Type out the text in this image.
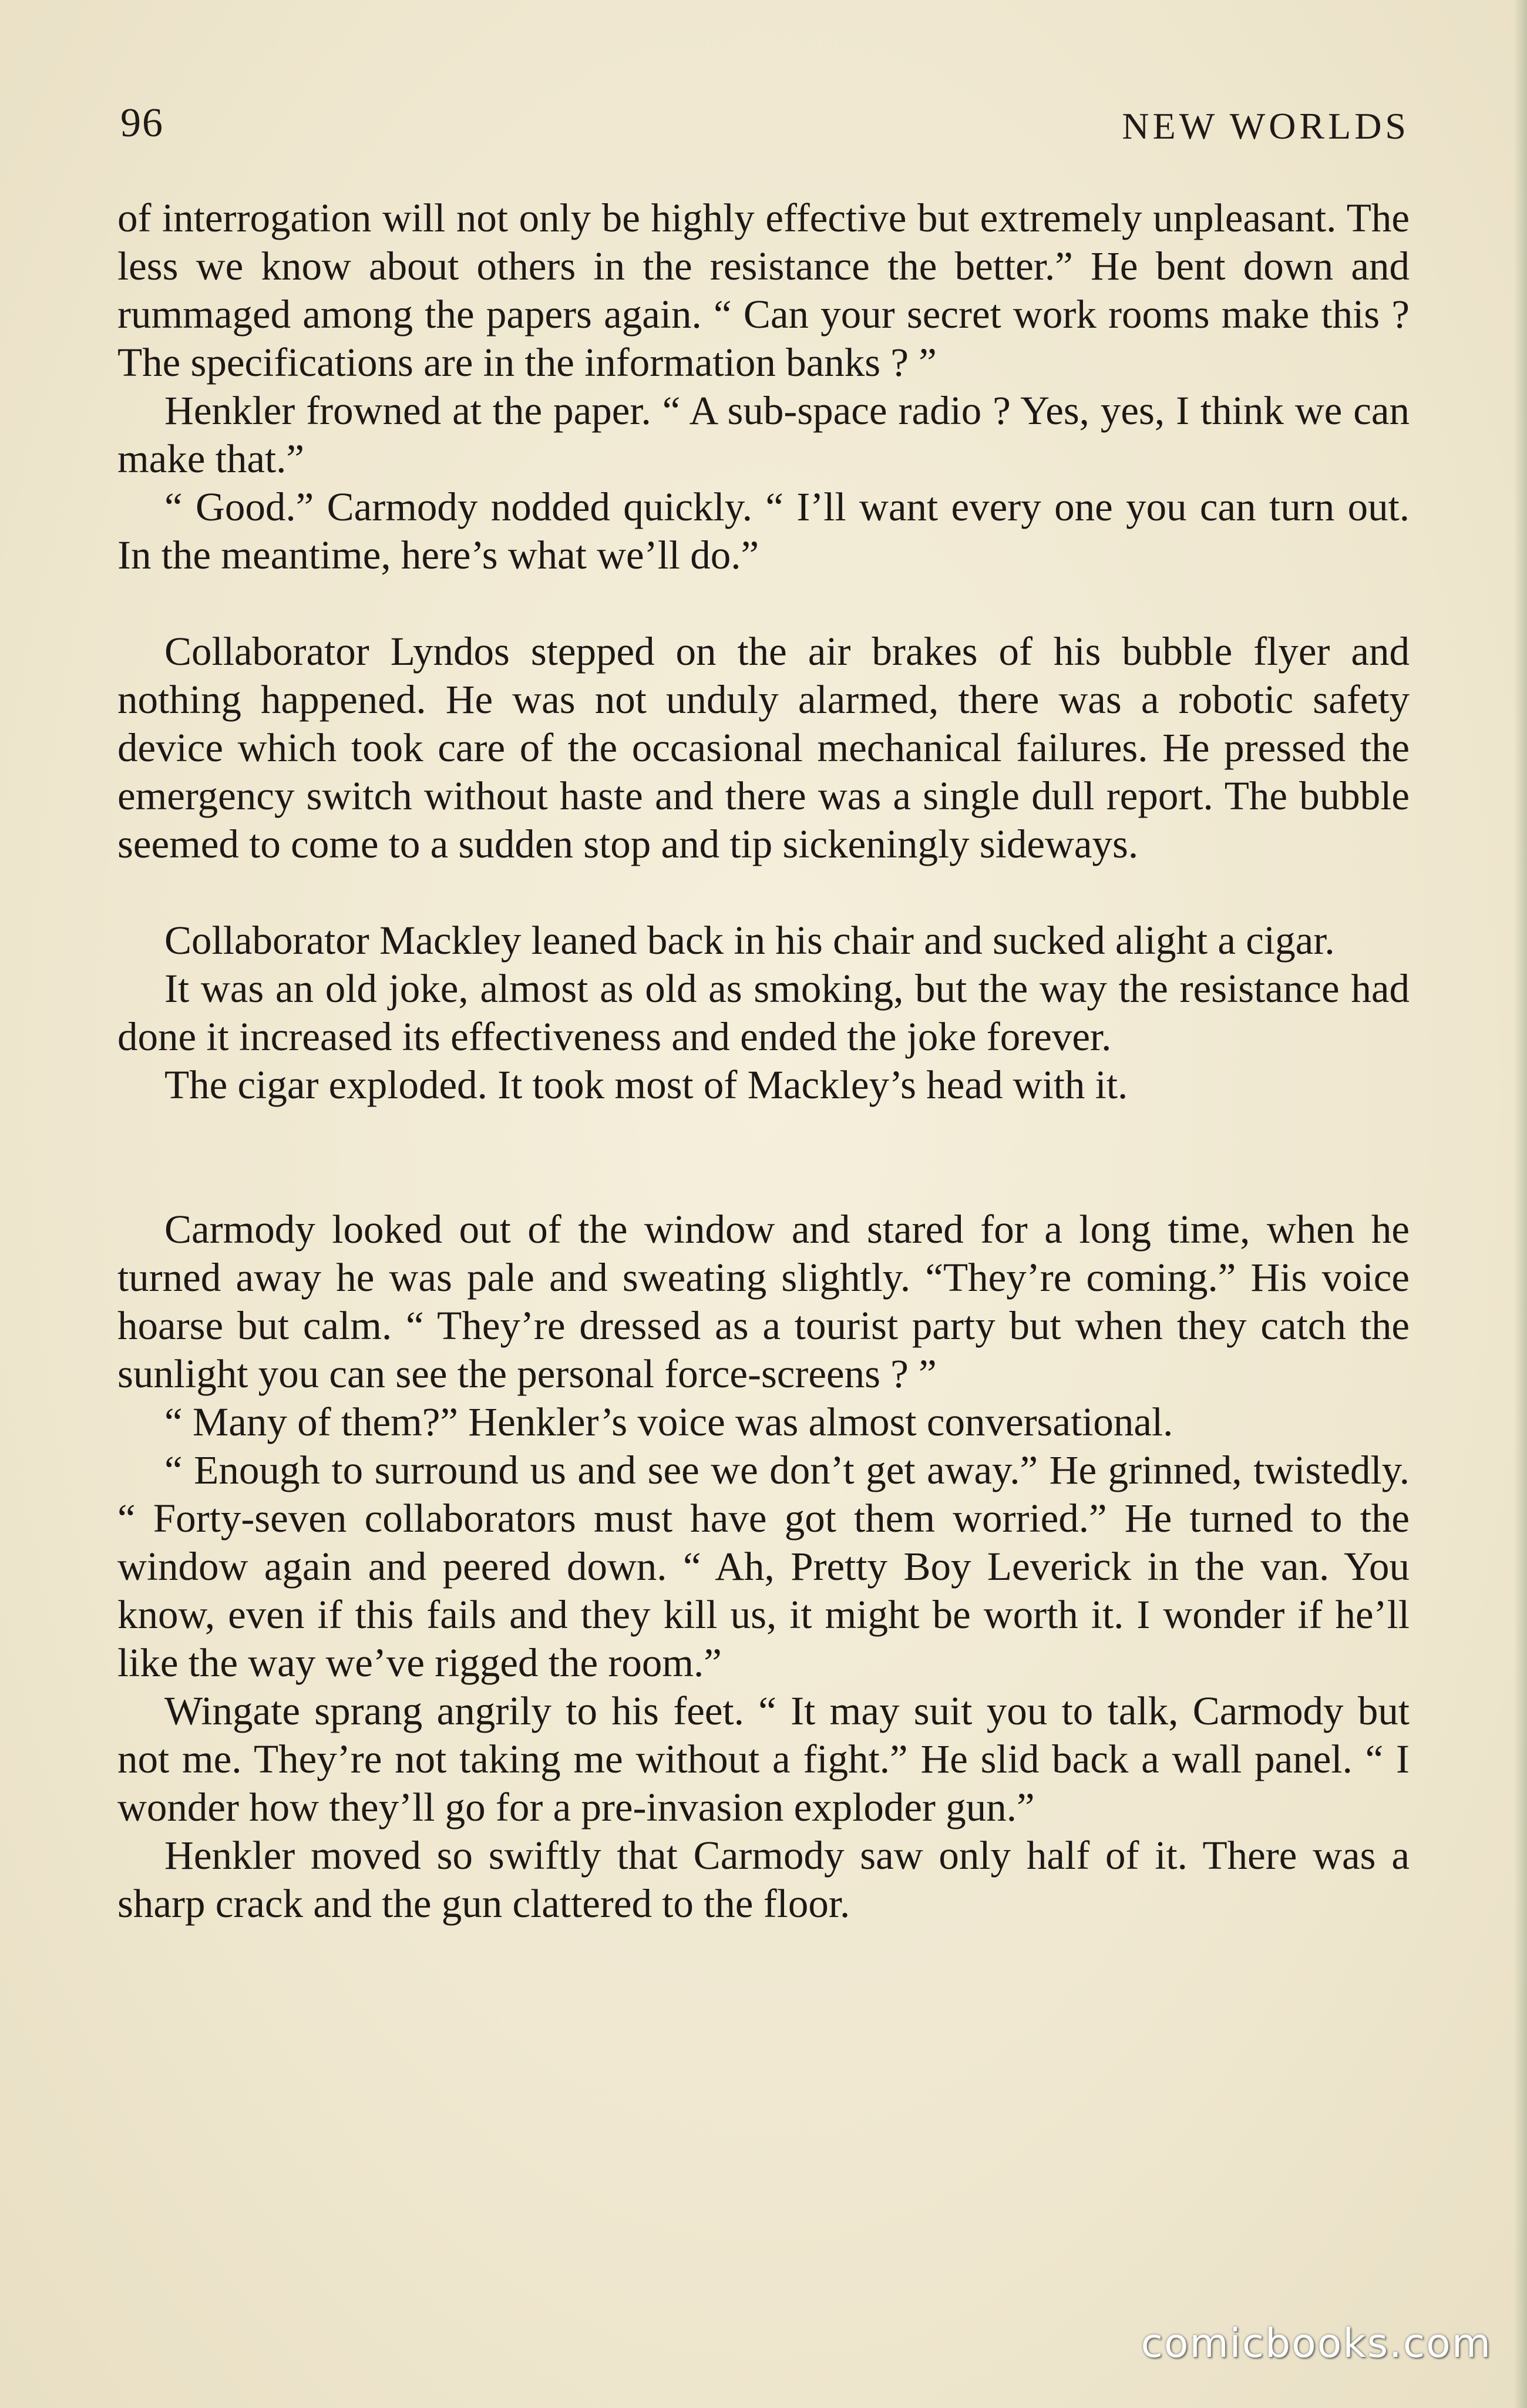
96	NEW WORLDS

of interrogation will not only be highly effective but extremely unpleasant. The less we know about others in the resistance the better.” He bent down and rummaged among the papers again. “ Can your secret work rooms make this ? The specifications are in the information banks ? ”

Henkler frowned at the paper. “ A sub-space radio ? Yes, yes, I think we can make that.”

“ Good.” Carmody nodded quickly. “ I’ll want every one you can turn out. In the meantime, here’s what we’ll do.”

Collaborator Lyndos stepped on the air brakes of his bubble flyer and nothing happened. He was not unduly alarmed, there was a robotic safety device which took care of the occasional mechanical failures. He pressed the emergency switch without haste and there was a single dull report. The bubble seemed to come to a sudden stop and tip sickeningly sideways.

Collaborator Mackley leaned back in his chair and sucked alight a cigar.

It was an old joke, almost as old as smoking, but the way the resistance had done it increased its effectiveness and ended the joke forever.

The cigar exploded. It took most of Mackley’s head with it.

Carmody looked out of the window and stared for a long time, when he turned away he was pale and sweating slightly. “They’re coming.” His voice hoarse but calm. “ They’re dressed as a tourist party but when they catch the sunlight you can see the personal force-screens ? ”

“ Many of them?” Henkler’s voice was almost conversational.

“ Enough to surround us and see we don’t get away.” He grinned, twistedly. “ Forty-seven collaborators must have got them worried.” He turned to the window again and peered down. “ Ah, Pretty Boy Leverick in the van. You know, even if this fails and they kill us, it might be worth it. I wonder if he’ll like the way we’ve rigged the room.”

Wingate sprang angrily to his feet. “ It may suit you to talk, Carmody but not me. They’re not taking me without a fight.” He slid back a wall panel. “ I wonder how they’ll go for a pre-invasion exploder gun.”

Henkler moved so swiftly that Carmody saw only half of it. There was a sharp crack and the gun clattered to the floor.

comicbooks.com
